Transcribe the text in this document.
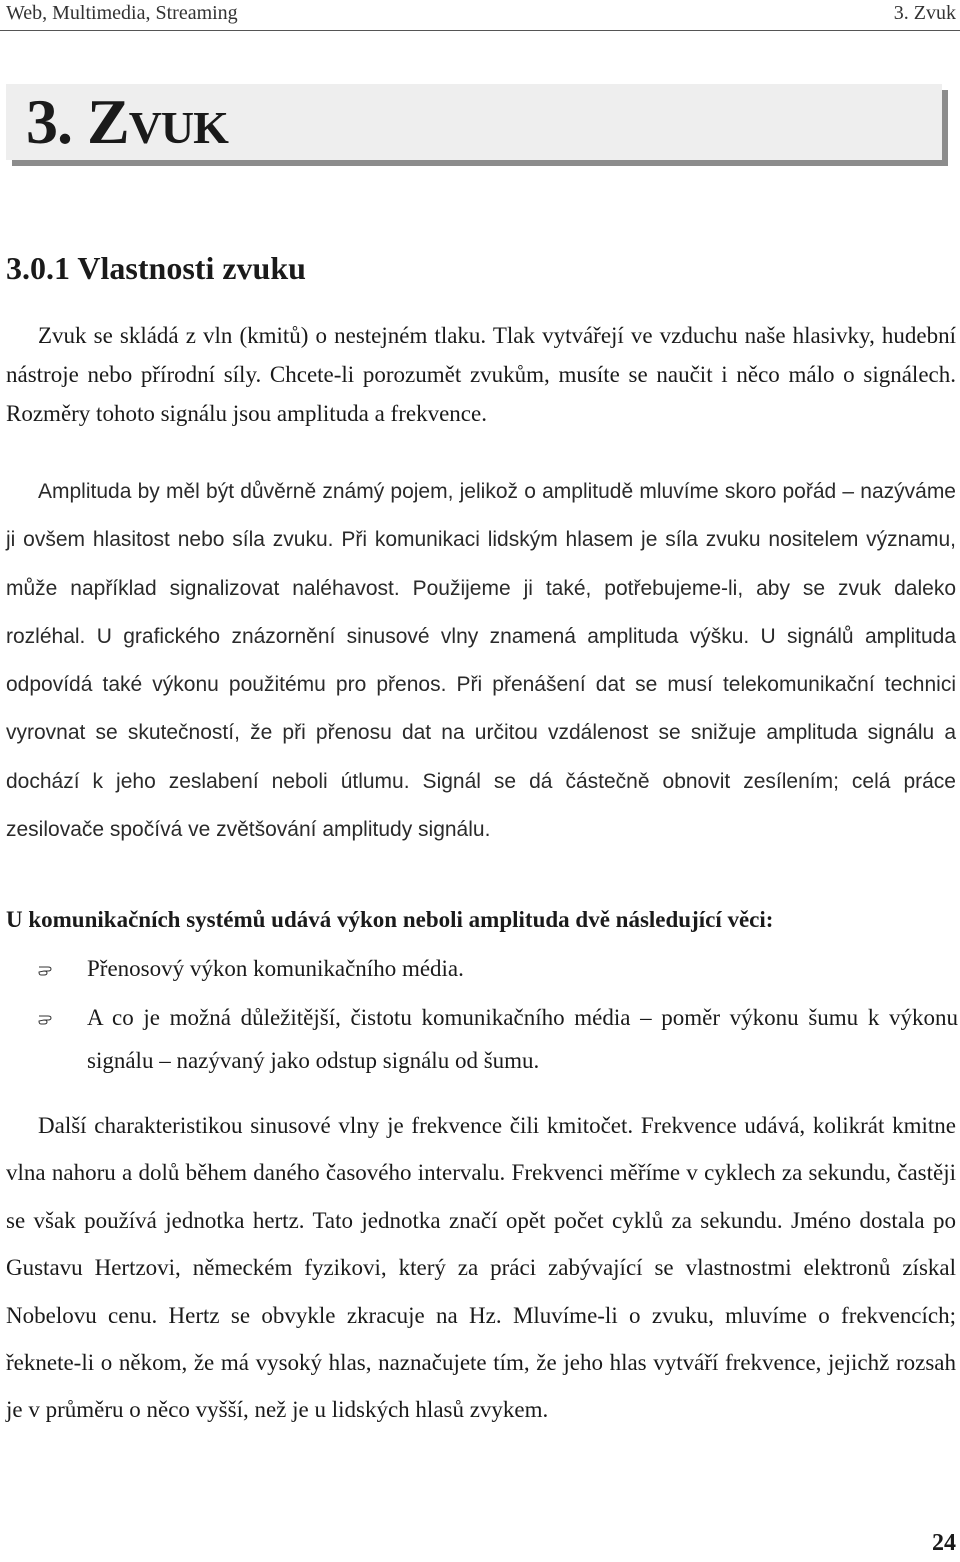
Web, Multimedia, Streaming	3. Zvuk
3. ZVUK
3.0.1 Vlastnosti zvuku

Zvuk se skládá z vln (kmitů) o nestejném tlaku. Tlak vytvářejí ve vzduchu naše hlasivky, hudební nástroje nebo přírodní síly. Chcete-li porozumět zvukům, musíte se naučit i něco málo o signálech. Rozměry tohoto signálu jsou amplituda a frekvence.

Amplituda by měl být důvěrně známý pojem, jelikož o amplitudě mluvíme skoro pořád – nazýváme ji ovšem hlasitost nebo síla zvuku. Při komunikaci lidským hlasem je síla zvuku nositelem významu, může například signalizovat naléhavost. Použijeme ji také, potřebujeme-li, aby se zvuk daleko rozléhal. U grafického znázornění sinusové vlny znamená amplituda výšku. U signálů amplituda odpovídá také výkonu použitému pro přenos. Při přenášení dat se musí telekomunikační technici vyrovnat se skutečností, že při přenosu dat na určitou vzdálenost se snižuje amplituda signálu a dochází k jeho zeslabení neboli útlumu. Signál se dá částečně obnovit zesílením; celá práce zesilovače spočívá ve zvětšování amplitudy signálu.

U komunikačních systémů udává výkon neboli amplituda dvě následující věci:

Přenosový výkon komunikačního média.
A co je možná důležitější, čistotu komunikačního média – poměr výkonu šumu k výkonu signálu – nazývaný jako odstup signálu od šumu.

Další charakteristikou sinusové vlny je frekvence čili kmitočet. Frekvence udává, kolikrát kmitne vlna nahoru a dolů během daného časového intervalu. Frekvenci měříme v cyklech za sekundu, častěji se však používá jednotka hertz. Tato jednotka značí opět počet cyklů za sekundu. Jméno dostala po Gustavu Hertzovi, německém fyzikovi, který za práci zabývající se vlastnostmi elektronů získal Nobelovu cenu. Hertz se obvykle zkracuje na Hz. Mluvíme-li o zvuku, mluvíme o frekvencích; řeknete-li o někom, že má vysoký hlas, naznačujete tím, že jeho hlas vytváří frekvence, jejichž rozsah je v průměru o něco vyšší, než je u lidských hlasů zvykem.

24
